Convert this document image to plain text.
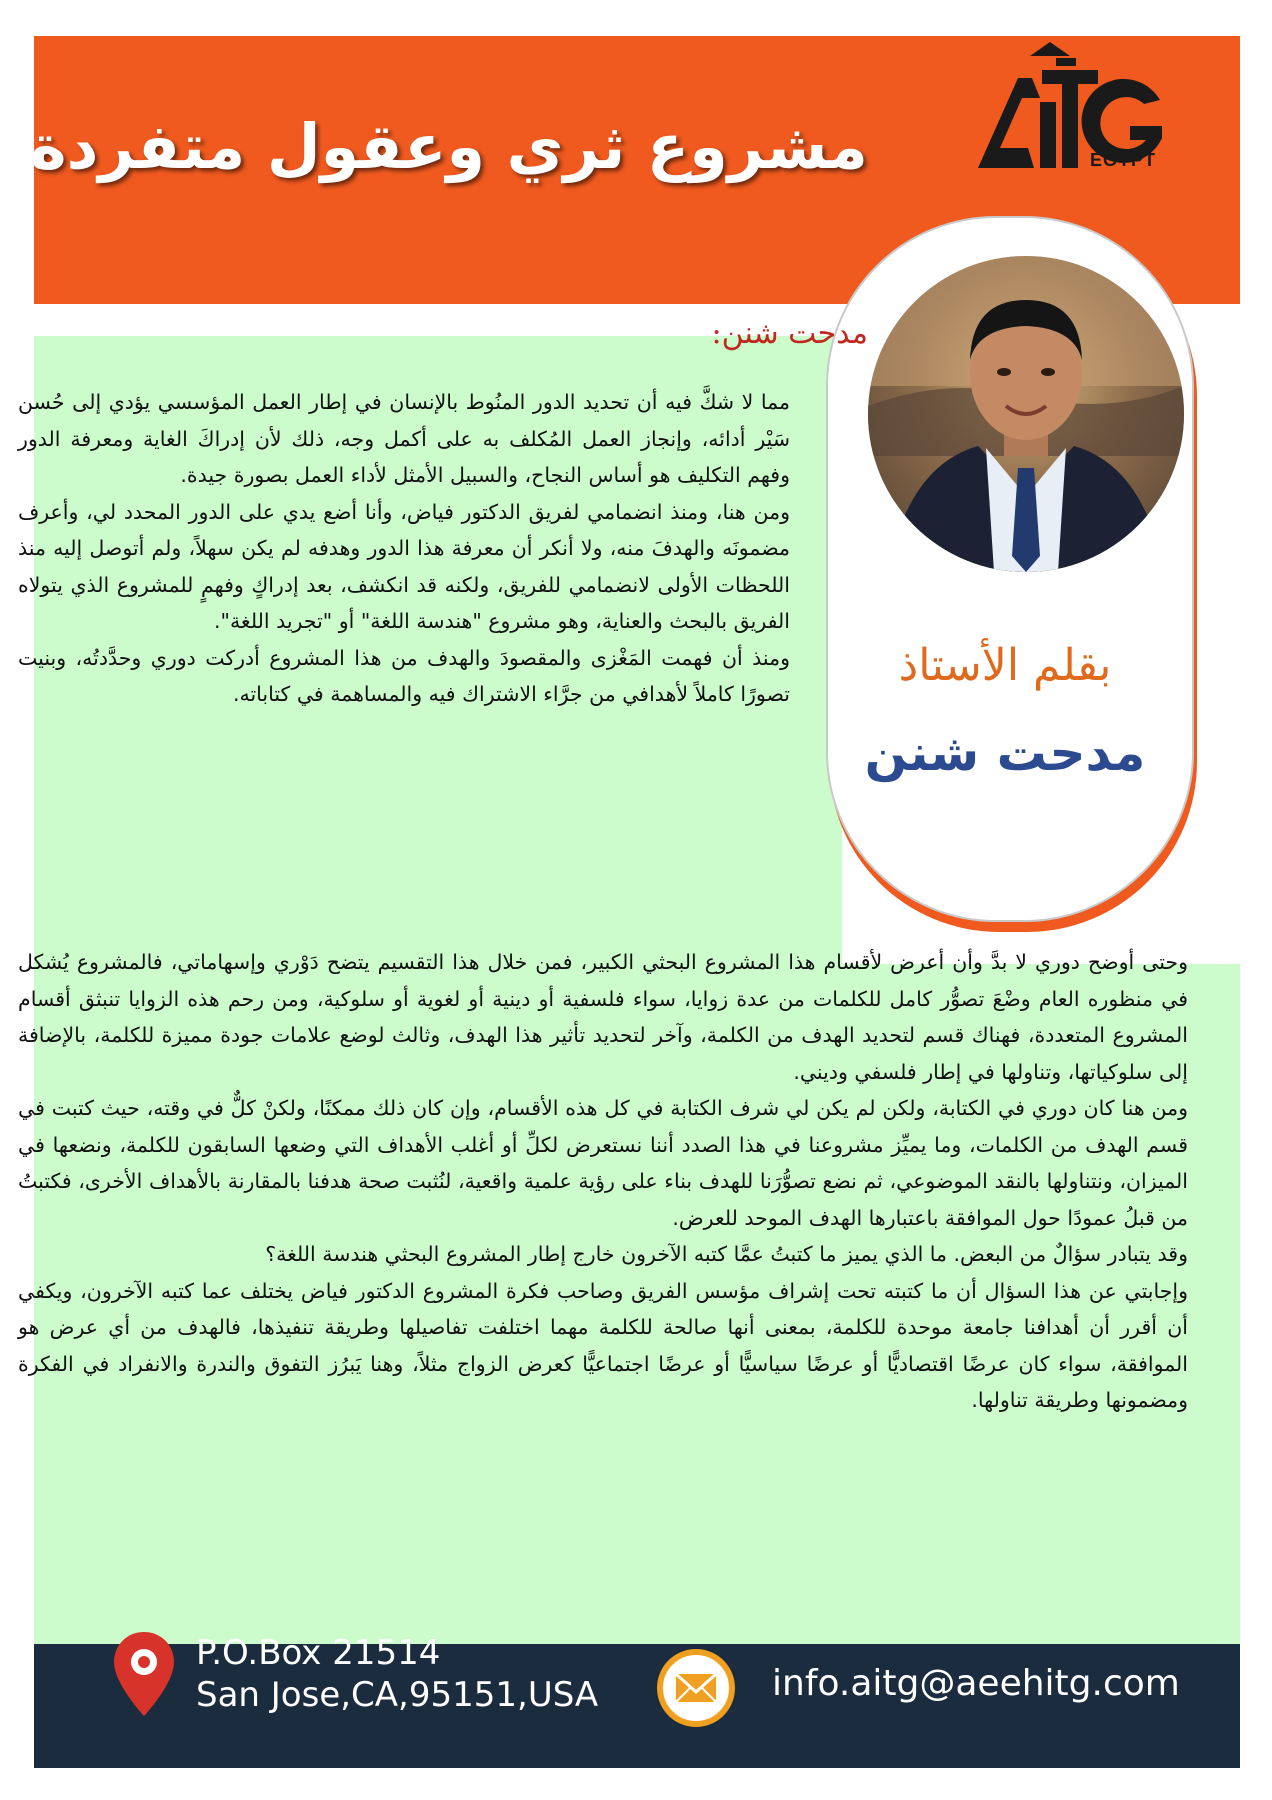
مشروع ثري وعقول متفردة	EGYPT
بقلم الأستاذ
مدحت شنن
مدحت شنن:

مما لا شكَّ فيه أن تحديد الدور المنُوط بالإنسان في إطار العمل المؤسسي يؤدي إلى حُسن سَيْر أدائه، وإنجاز العمل المُكلف به على أكمل وجه، ذلك لأن إدراكَ الغاية ومعرفة الدور وفهم التكليف هو أساس النجاح، والسبيل الأمثل لأداء العمل بصورة جيدة.

ومن هنا، ومنذ انضمامي لفريق الدكتور فياض، وأنا أضع يدي على الدور المحدد لي، وأعرف مضمونَه والهدفَ منه، ولا أنكر أن معرفة هذا الدور وهدفه لم يكن سهلاً، ولم أتوصل إليه منذ اللحظات الأولى لانضمامي للفريق، ولكنه قد انكشف، بعد إدراكٍ وفهمٍ للمشروع الذي يتولاه الفريق بالبحث والعناية، وهو مشروع "هندسة اللغة" أو "تجريد اللغة".

ومنذ أن فهمت المَغْزى والمقصودَ والهدف من هذا المشروع أدركت دوري وحدَّدتُه، وبنيت تصورًا كاملاً لأهدافي من جرَّاء الاشتراك فيه والمساهمة في كتاباته.

وحتى أوضح دوري لا بدَّ وأن أعرض لأقسام هذا المشروع البحثي الكبير، فمن خلال هذا التقسيم يتضح دَوْري وإسهاماتي، فالمشروع يُشكل في منظوره العام وضْعَ تصوُّر كامل للكلمات من عدة زوايا، سواء فلسفية أو دينية أو لغوية أو سلوكية، ومن رحم هذه الزوايا تنبثق أقسام المشروع المتعددة، فهناك قسم لتحديد الهدف من الكلمة، وآخر لتحديد تأثير هذا الهدف، وثالث لوضع علامات جودة مميزة للكلمة، بالإضافة إلى سلوكياتها، وتناولها في إطار فلسفي وديني.

ومن هنا كان دوري في الكتابة، ولكن لم يكن لي شرف الكتابة في كل هذه الأقسام، وإن كان ذلك ممكنًا، ولكنْ كلٌّ في وقته، حيث كتبت في قسم الهدف من الكلمات، وما يميِّز مشروعنا في هذا الصدد أننا نستعرض لكلِّ أو أغلب الأهداف التي وضعها السابقون للكلمة، ونضعها في الميزان، ونتناولها بالنقد الموضوعي، ثم نضع تصوُّرَنا للهدف بناء على رؤية علمية واقعية، لنُثبت صحة هدفنا بالمقارنة بالأهداف الأخرى، فكتبتُ من قبلُ عمودًا حول الموافقة باعتبارها الهدف الموحد للعرض.

وقد يتبادر سؤالٌ من البعض. ما الذي يميز ما كتبتُ عمَّا كتبه الآخرون خارج إطار المشروع البحثي هندسة اللغة؟

وإجابتي عن هذا السؤال أن ما كتبته تحت إشراف مؤسس الفريق وصاحب فكرة المشروع الدكتور فياض يختلف عما كتبه الآخرون، ويكفي أن أقرر أن أهدافنا جامعة موحدة للكلمة، بمعنى أنها صالحة للكلمة مهما اختلفت تفاصيلها وطريقة تنفيذها، فالهدف من أي عرض هو الموافقة، سواء كان عرضًا اقتصاديًّا أو عرضًا سياسيًّا أو عرضًا اجتماعيًّا كعرض الزواج مثلاً، وهنا يَبرُز التفوق والندرة والانفراد في الفكرة ومضمونها وطريقة تناولها.

P.O.Box 21514
San Jose,CA,95151,USA	info.aitg@aeehitg.com
